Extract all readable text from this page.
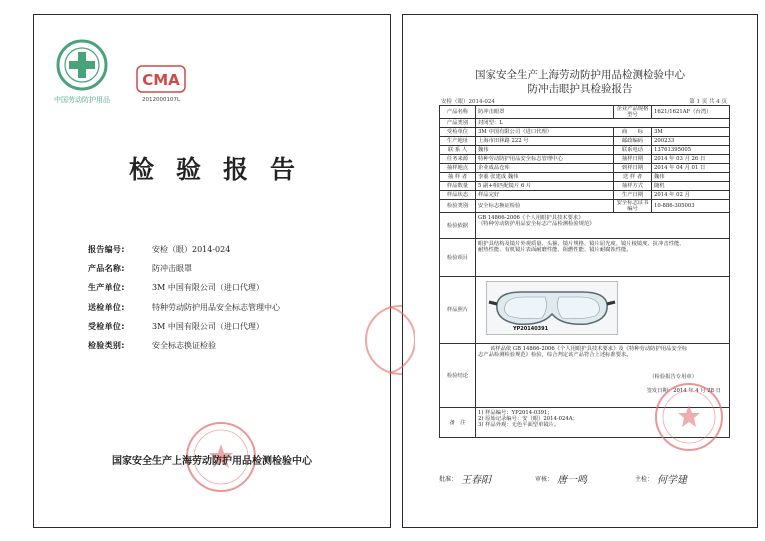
中国劳动防护用品
CMA
2012000107L
检验报告
报告编号:	安检（眼）2014-024
产品名称:	防冲击眼罩
生产单位:	3M 中国有限公司（进口代理）
送检单位:	特种劳动防护用品安全标志管理中心
受检单位:	3M 中国有限公司（进口代理）
检验类别:	安全标志换证检验
国家安全生产上海劳动防护用品检测检验中心
国家安全生产上海劳动防护用品检测检验中心
防冲击眼护具检验报告
安检（眼）2014-024	第 1 页 共 4 页
产品名称	防冲击眼罩	企业产品规格型号	1621/1621AF（台湾）
产品类别	封闭型：L		
受检单位	3M 中国有限公司（进口代理）	商　　标	3M
生产地址	上海市田林路 222 号	邮政编码	200233
联 系 人	魏伟	联系电话	13761395005
任务来源	特种劳动防护用品安全标志管理中心	抽样日期	2014 年 03 月 26 日
抽样地点	企业成品仓库	到样日期	2014 年 04 月 01 日
抽 样 者	李蓁 张建成 魏伟	送 样 者	魏伟
样品数量	5 副+相匹配镜片 6 片	抽样方式	随机
样品状态	样品完好	生产日期	2014 年 02 月
检验类别	安全标志换证检验	安全标志证书编号	10-886-305003
检验依据	GB 14866-2006《个人用眼护具技术要求》
《特种劳动防护用品安全标志产品检测检验规范》		

检验项目	眼护具结构及镜片外观质量、头箍、镜片规格、镜片屈光度、镜片棱镜度、抗冲击性能、
耐热性能、有机镜片表面耐磨性能、阻燃性能、镜片耐腐蚀性能。		

样品照片	YP20140391		

检验结论	该样品依 GB 14866-2006《个人用眼护具技术要求》及《特种劳动防护用品安全标
志产品检测检验规范》检验，综合判定该产品符合上述标准要求。
（检验报告专用章）
签发日期：2014 年 4 月 28 日		

备　注	1) 样品编号：YP2014-0391；
2) 原始记录编号：安（眼）2014-024A；
3) 样品外观：无色平面型单镜片。		
批准： 王春阳	审核： 唐一鸣	主检： 何学建
